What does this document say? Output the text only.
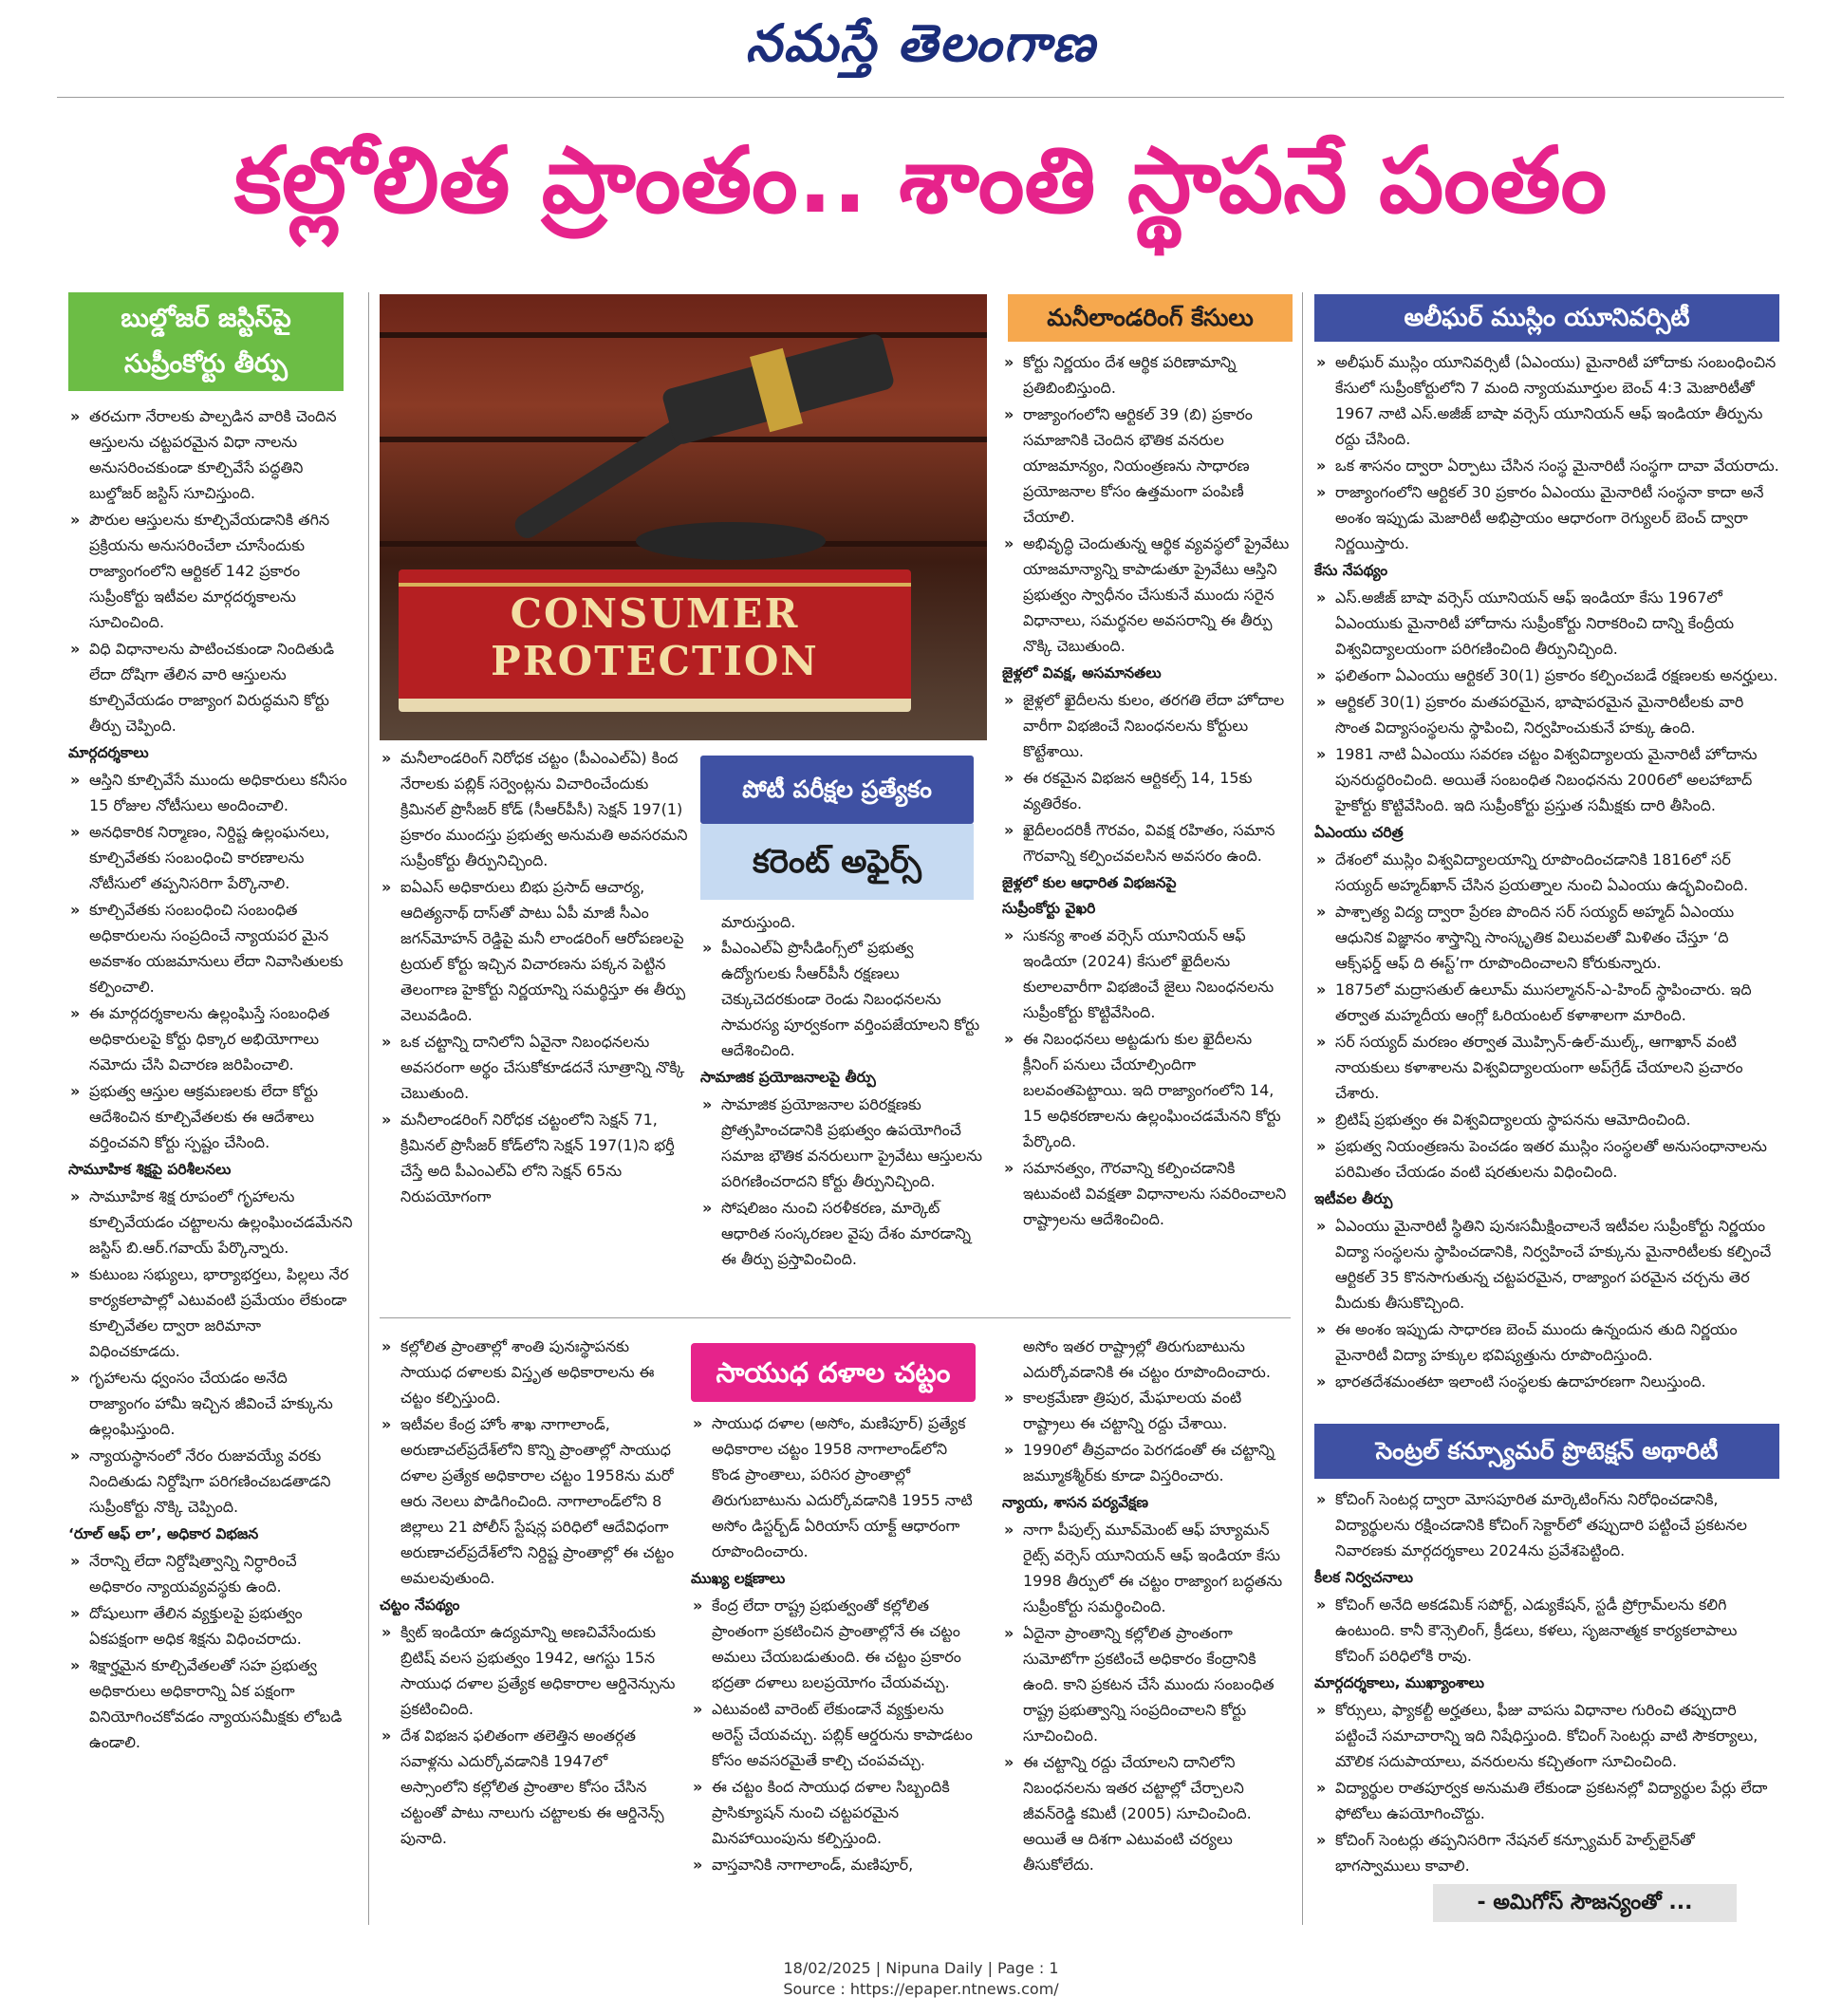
నమస్తే తెలంగాణ
కల్లోలిత ప్రాంతం.. శాంతి స్థాపనే పంతం
బుల్డోజర్ జస్టిస్‌పై
సుప్రీంకోర్టు తీర్పు
» తరచుగా నేరాలకు పాల్పడిన వారికి చెందిన ఆస్తులను చట్టపరమైన విధా నాలను అనుసరించకుండా కూల్చివేసే పద్ధతిని బుల్డోజర్ జస్టిస్ సూచిస్తుంది.
» పౌరుల ఆస్తులను కూల్చివేయడానికి తగిన ప్రక్రియను అనుసరించేలా చూసేందుకు రాజ్యాంగంలోని ఆర్టికల్ 142 ప్రకారం సుప్రీంకోర్టు ఇటీవల మార్గదర్శకాలను సూచించింది.
» విధి విధానాలను పాటించకుండా నిందితుడి లేదా దోషిగా తేలిన వారి ఆస్తులను కూల్చివేయడం రాజ్యాంగ విరుద్ధమని కోర్టు తీర్పు చెప్పింది.
మార్గదర్శకాలు
» ఆస్తిని కూల్చివేసే ముందు అధికారులు కనీసం 15 రోజుల నోటీసులు అందించాలి.
» అనధికారిక నిర్మాణం, నిర్దిష్ట ఉల్లంఘనలు, కూల్చివేతకు సంబంధించి కారణాలను నోటీసులో తప్పనిసరిగా పేర్కొనాలి.
» కూల్చివేతకు సంబంధించి సంబంధిత అధికారులను సంప్రదించే న్యాయపర మైన అవకాశం యజమానులు లేదా నివాసితులకు కల్పించాలి.
» ఈ మార్గదర్శకాలను ఉల్లంఘిస్తే సంబంధిత అధికారులపై కోర్టు ధిక్కార అభియోగాలు నమోదు చేసి విచారణ జరిపించాలి.
» ప్రభుత్వ ఆస్తుల ఆక్రమణలకు లేదా కోర్టు ఆదేశించిన కూల్చివేతలకు ఈ ఆదేశాలు వర్తించవని కోర్టు స్పష్టం చేసింది.
సామూహిక శిక్షపై పరిశీలనలు
» సామూహిక శిక్ష రూపంలో గృహాలను కూల్చివేయడం చట్టాలను ఉల్లంఘించడమేనని జస్టిస్ బి.ఆర్.గవాయ్ పేర్కొన్నారు.
» కుటుంబ సభ్యులు, భార్యాభర్తలు, పిల్లలు నేర కార్యకలాపాల్లో ఎటువంటి ప్రమేయం లేకుండా కూల్చివేతల ద్వారా జరిమానా విధించకూడదు.
» గృహాలను ధ్వంసం చేయడం అనేది రాజ్యాంగం హామీ ఇచ్చిన జీవించే హక్కును ఉల్లంఘిస్తుంది.
» న్యాయస్థానంలో నేరం రుజువయ్యే వరకు నిందితుడు నిర్దోషిగా పరిగణించబడతాడని సుప్రీంకోర్టు నొక్కి చెప్పింది.
‘రూల్ ఆఫ్ లా’, అధికార విభజన
» నేరాన్ని లేదా నిర్దోషిత్వాన్ని నిర్ధారించే అధికారం న్యాయవ్యవస్థకు ఉంది.
» దోషులుగా తేలిన వ్యక్తులపై ప్రభుత్వం ఏకపక్షంగా అధిక శిక్షను విధించరాదు.
» శిక్షార్హమైన కూల్చివేతలతో సహ ప్రభుత్వ అధికారులు అధికారాన్ని ఏక పక్షంగా వినియోగించకోవడం న్యాయసమీక్షకు లోబడి ఉండాలి.
CONSUMER
PROTECTION
» మనీలాండరింగ్ నిరోధక చట్టం (పీఎంఎల్ఏ) కింద నేరాలకు పబ్లిక్ సర్వెంట్లను విచారించేందుకు క్రిమినల్ ప్రొసీజర్ కోడ్ (సీఆర్‌పీసీ) సెక్షన్ 197(1) ప్రకారం ముందస్తు ప్రభుత్వ అనుమతి అవసరమని సుప్రీంకోర్టు తీర్పునిచ్చింది.
» ఐఏఎస్ అధికారులు బిభు ప్రసాద్ ఆచార్య, ఆదిత్యనాథ్ దాస్‌తో పాటు ఏపీ మాజీ సీఎం జగన్‌మోహన్ రెడ్డిపై మనీ లాండరింగ్ ఆరోపణలపై ట్రయల్ కోర్టు ఇచ్చిన విచారణను పక్కన పెట్టిన తెలంగాణ హైకోర్టు నిర్ణయాన్ని సమర్థిస్తూ ఈ తీర్పు వెలువడింది.
» ఒక చట్టాన్ని దానిలోని ఏవైనా నిబంధనలను అవసరంగా అర్థం చేసుకోకూడదనే సూత్రాన్ని నొక్కి చెబుతుంది.
» మనీలాండరింగ్ నిరోధక చట్టంలోని సెక్షన్ 71, క్రిమినల్ ప్రొసీజర్ కోడ్‌లోని సెక్షన్ 197(1)ని భర్తీ చేస్తే అది పీఎంఎల్ఏ లోని సెక్షన్ 65ను నిరుపయోగంగా
పోటీ పరీక్షల ప్రత్యేకం
కరెంట్ అఫైర్స్
మారుస్తుంది.
» పీఎంఎల్ఏ ప్రొసీడింగ్స్‌లో ప్రభుత్వ ఉద్యోగులకు సీఆర్‌పీసీ రక్షణలు చెక్కుచెదరకుండా రెండు నిబంధనలను సామరస్య పూర్వకంగా వర్తింపజేయాలని కోర్టు ఆదేశించింది.
సామాజిక ప్రయోజనాలపై తీర్పు
» సామాజిక ప్రయోజనాల పరిరక్షణకు ప్రోత్సహించడానికి ప్రభుత్వం ఉపయోగించే సమాజ భౌతిక వనరులుగా ప్రైవేటు ఆస్తులను పరిగణించరాదని కోర్టు తీర్పునిచ్చింది.
» సోషలిజం నుంచి సరళీకరణ, మార్కెట్ ఆధారిత సంస్కరణల వైపు దేశం మారడాన్ని ఈ తీర్పు ప్రస్తావించింది.
మనీలాండరింగ్ కేసులు
» కోర్టు నిర్ణయం దేశ ఆర్థిక పరిణామాన్ని ప్రతిబింబిస్తుంది.
» రాజ్యాంగంలోని ఆర్టికల్ 39 (బి) ప్రకారం సమాజానికి చెందిన భౌతిక వనరుల యాజమాన్యం, నియంత్రణను సాధారణ ప్రయోజనాల కోసం ఉత్తమంగా పంపిణీ చేయాలి.
» అభివృద్ధి చెందుతున్న ఆర్థిక వ్యవస్థలో ప్రైవేటు యాజమాన్యాన్ని కాపాడుతూ ప్రైవేటు ఆస్తిని ప్రభుత్వం స్వాధీనం చేసుకునే ముందు సరైన విధానాలు, సమర్థనల అవసరాన్ని ఈ తీర్పు నొక్కి చెబుతుంది.
జైళ్లలో వివక్ష, అసమానతలు
» జైళ్లలో ఖైదీలను కులం, తరగతి లేదా హోదాల వారీగా విభజించే నిబంధనలను కోర్టులు కొట్టేశాయి.
» ఈ రకమైన విభజన ఆర్టికల్స్ 14, 15కు వ్యతిరేకం.
» ఖైదీలందరికీ గౌరవం, వివక్ష రహితం, సమాన గౌరవాన్ని కల్పించవలసిన అవసరం ఉంది.
జైళ్లలో కుల ఆధారిత విభజనపై
సుప్రీంకోర్టు వైఖరి
» సుకన్య శాంత వర్సెస్ యూనియన్ ఆఫ్ ఇండియా (2024) కేసులో ఖైదీలను కులాలవారీగా విభజించే జైలు నిబంధనలను సుప్రీంకోర్టు కొట్టివేసింది.
» ఈ నిబంధనలు అట్టడుగు కుల ఖైదీలను క్లీనింగ్ పనులు చేయాల్సిందిగా బలవంతపెట్టాయి. ఇది రాజ్యాంగంలోని 14, 15 అధికరణాలను ఉల్లంఘించడమేనని కోర్టు పేర్కొంది.
» సమానత్వం, గౌరవాన్ని కల్పించడానికి ఇటువంటి వివక్షతా విధానాలను సవరించాలని రాష్ట్రాలను ఆదేశించింది.
అలీఘర్ ముస్లిం యూనివర్సిటీ
» అలీఘర్ ముస్లిం యూనివర్సిటీ (ఏఎంయు) మైనారిటీ హోదాకు సంబంధించిన కేసులో సుప్రీంకోర్టులోని 7 మంది న్యాయమూర్తుల బెంచ్ 4:3 మెజారిటీతో 1967 నాటి ఎస్.అజీజ్ బాషా వర్సెస్ యూనియన్ ఆఫ్ ఇండియా తీర్పును రద్దు చేసింది.
» ఒక శాసనం ద్వారా ఏర్పాటు చేసిన సంస్థ మైనారిటీ సంస్థగా దావా వేయరాదు.
» రాజ్యాంగంలోని ఆర్టికల్ 30 ప్రకారం ఏఎంయు మైనారిటీ సంస్థనా కాదా అనే అంశం ఇప్పుడు మెజారిటీ అభిప్రాయం ఆధారంగా రెగ్యులర్ బెంచ్ ద్వారా నిర్ణయిస్తారు.
కేసు నేపథ్యం
» ఎస్.అజీజ్ బాషా వర్సెస్ యూనియన్ ఆఫ్ ఇండియా కేసు 1967లో ఏఎంయుకు మైనారిటీ హోదాను సుప్రీంకోర్టు నిరాకరించి దాన్ని కేంద్రీయ విశ్వవిద్యాలయంగా పరిగణించింది తీర్పునిచ్చింది.
» ఫలితంగా ఏఎంయు ఆర్టికల్ 30(1) ప్రకారం కల్పించబడే రక్షణలకు అనర్హులు.
» ఆర్టికల్ 30(1) ప్రకారం మతపరమైన, భాషాపరమైన మైనారిటీలకు వారి సొంత విద్యాసంస్థలను స్థాపించి, నిర్వహించుకునే హక్కు ఉంది.
» 1981 నాటి ఏఎంయు సవరణ చట్టం విశ్వవిద్యాలయ మైనారిటీ హోదాను పునరుద్ధరించింది. అయితే సంబంధిత నిబంధనను 2006లో అలహాబాద్ హైకోర్టు కొట్టివేసింది. ఇది సుప్రీంకోర్టు ప్రస్తుత సమీక్షకు దారి తీసింది.
ఏఎంయు చరిత్ర
» దేశంలో ముస్లిం విశ్వవిద్యాలయాన్ని రూపొందించడానికి 1816లో సర్ సయ్యద్ అహ్మద్‌ఖాన్ చేసిన ప్రయత్నాల నుంచి ఏఎంయు ఉద్భవించింది.
» పాశ్చాత్య విద్య ద్వారా ప్రేరణ పొందిన సర్ సయ్యద్ అహ్మద్ ఏఎంయు ఆధునిక విజ్ఞానం శాస్త్రాన్ని సాంస్కృతిక విలువలతో మిళితం చేస్తూ ‘ది ఆక్స్‌ఫర్డ్ ఆఫ్ ది ఈస్ట్’గా రూపొందించాలని కోరుకున్నారు.
» 1875లో మద్రాసతుల్ ఉలూమ్ ముసల్మానన్-ఎ-హింద్ స్థాపించారు. ఇది తర్వాత మహ్మదీయ ఆంగ్లో ఓరియంటల్ కళాశాలగా మారింది.
» సర్ సయ్యద్ మరణం తర్వాత మొహ్సిన్-ఉల్-ముల్క్, ఆగాఖాన్ వంటి నాయకులు కళాశాలను విశ్వవిద్యాలయంగా అప్‌గ్రేడ్ చేయాలని ప్రచారం చేశారు.
» బ్రిటిష్ ప్రభుత్వం ఈ విశ్వవిద్యాలయ స్థాపనను ఆమోదించింది.
» ప్రభుత్వ నియంత్రణను పెంచడం ఇతర ముస్లిం సంస్థలతో అనుసంధానాలను పరిమితం చేయడం వంటి షరతులను విధించింది.
ఇటీవల తీర్పు
» ఏఎంయు మైనారిటీ స్థితిని పునఃసమీక్షించాలనే ఇటీవల సుప్రీంకోర్టు నిర్ణయం విద్యా సంస్థలను స్థాపించడానికి, నిర్వహించే హక్కును మైనారిటీలకు కల్పించే ఆర్టికల్ 35 కొనసాగుతున్న చట్టపరమైన, రాజ్యాంగ పరమైన చర్చను తెర మీదుకు తీసుకొచ్చింది.
» ఈ అంశం ఇప్పుడు సాధారణ బెంచ్ ముందు ఉన్నందున తుది నిర్ణయం మైనారిటీ విద్యా హక్కుల భవిష్యత్తును రూపొందిస్తుంది.
» భారతదేశమంతటా ఇలాంటి సంస్థలకు ఉదాహరణగా నిలుస్తుంది.
» కల్లోలిత ప్రాంతాల్లో శాంతి పునఃస్థాపనకు సాయుధ దళాలకు విస్తృత అధికారాలను ఈ చట్టం కల్పిస్తుంది.
» ఇటీవల కేంద్ర హోం శాఖ నాగాలాండ్, అరుణాచల్‌ప్రదేశ్‌లోని కొన్ని ప్రాంతాల్లో సాయుధ దళాల ప్రత్యేక అధికారాల చట్టం 1958ను మరో ఆరు నెలలు పొడిగించింది. నాగాలాండ్‌లోని 8 జిల్లాలు 21 పోలీస్ స్టేషన్ల పరిధిలో ఆదేవిధంగా అరుణాచల్‌ప్రదేశ్‌లోని నిర్దిష్ట ప్రాంతాల్లో ఈ చట్టం అమలవుతుంది.
చట్టం నేపథ్యం
» క్విట్ ఇండియా ఉద్యమాన్ని అణచివేసేందుకు బ్రిటిష్ వలస ప్రభుత్వం 1942, ఆగస్టు 15న సాయుధ దళాల ప్రత్యేక అధికారాల ఆర్డినెన్సును ప్రకటించింది.
» దేశ విభజన ఫలితంగా తలెత్తిన అంతర్గత సవాళ్లను ఎదుర్కోవడానికి 1947లో అస్సాంలోని కల్లోలిత ప్రాంతాల కోసం చేసిన చట్టంతో పాటు నాలుగు చట్టాలకు ఈ ఆర్డినెన్స్ పునాది.
సాయుధ దళాల చట్టం
» సాయుధ దళాల (అసోం, మణిపూర్) ప్రత్యేక అధికారాల చట్టం 1958 నాగాలాండ్‌లోని కొండ ప్రాంతాలు, పరిసర ప్రాంతాల్లో తిరుగుబాటును ఎదుర్కోవడానికి 1955 నాటి అసోం డిస్టర్బ్‌డ్ ఏరియాస్ యాక్ట్ ఆధారంగా రూపొందించారు.
ముఖ్య లక్షణాలు
» కేంద్ర లేదా రాష్ట్ర ప్రభుత్వంతో కల్లోలిత ప్రాంతంగా ప్రకటించిన ప్రాంతాల్లోనే ఈ చట్టం అమలు చేయబడుతుంది. ఈ చట్టం ప్రకారం భద్రతా దళాలు బలప్రయోగం చేయవచ్చు.
» ఎటువంటి వారెంట్ లేకుండానే వ్యక్తులను అరెస్ట్ చేయవచ్చు. పబ్లిక్ ఆర్డరును కాపాడటం కోసం అవసరమైతే కాల్చి చంపవచ్చు.
» ఈ చట్టం కింద సాయుధ దళాల సిబ్బందికి ప్రాసిక్యూషన్ నుంచి చట్టపరమైన మినహాయింపును కల్పిస్తుంది.
» వాస్తవానికి నాగాలాండ్, మణిపూర్,
అసోం ఇతర రాష్ట్రాల్లో తిరుగుబాటును ఎదుర్కోవడానికి ఈ చట్టం రూపొందించారు.
» కాలక్రమేణా త్రిపుర, మేఘాలయ వంటి రాష్ట్రాలు ఈ చట్టాన్ని రద్దు చేశాయి.
» 1990లో తీవ్రవాదం పెరగడంతో ఈ చట్టాన్ని జమ్మూకశ్మీర్‌కు కూడా విస్తరించారు.
న్యాయ, శాసన పర్యవేక్షణ
» నాగా పీపుల్స్ మూవ్‌మెంట్ ఆఫ్ హ్యూమన్ రైట్స్ వర్సెస్ యూనియన్ ఆఫ్ ఇండియా కేసు 1998 తీర్పులో ఈ చట్టం రాజ్యాంగ బద్ధతను సుప్రీంకోర్టు సమర్థించింది.
» ఏదైనా ప్రాంతాన్ని కల్లోలిత ప్రాంతంగా సుమోటోగా ప్రకటించే అధికారం కేంద్రానికి ఉంది. కాని ప్రకటన చేసే ముందు సంబంధిత రాష్ట్ర ప్రభుత్వాన్ని సంప్రదించాలని కోర్టు సూచించింది.
» ఈ చట్టాన్ని రద్దు చేయాలని దానిలోని నిబంధనలను ఇతర చట్టాల్లో చేర్చాలని జీవన్‌రెడ్డి కమిటీ (2005) సూచించింది. అయితే ఆ దిశగా ఎటువంటి చర్యలు తీసుకోలేదు.
సెంట్రల్ కన్స్యూమర్ ప్రొటెక్షన్ అథారిటీ
» కోచింగ్ సెంటర్ల ద్వారా మోసపూరిత మార్కెటింగ్‌ను నిరోధించడానికి, విద్యార్థులను రక్షించడానికి కోచింగ్ సెక్టార్‌లో తప్పుదారి పట్టించే ప్రకటనల నివారణకు మార్గదర్శకాలు 2024ను ప్రవేశపెట్టింది.
కీలక నిర్వచనాలు
» కోచింగ్ అనేది అకడమిక్ సపోర్ట్, ఎడ్యుకేషన్, స్టడీ ప్రోగ్రామ్‌లను కలిగి ఉంటుంది. కానీ కౌన్సెలింగ్, క్రీడలు, కళలు, సృజనాత్మక కార్యకలాపాలు కోచింగ్ పరిధిలోకి రావు.
మార్గదర్శకాలు, ముఖ్యాంశాలు
» కోర్సులు, ఫ్యాకల్టీ అర్హతలు, ఫీజు వాపసు విధానాల గురించి తప్పుదారి పట్టించే సమాచారాన్ని ఇది నిషేధిస్తుంది. కోచింగ్ సెంటర్లు వాటి సౌకర్యాలు, మౌలిక సదుపాయాలు, వనరులను కచ్చితంగా సూచించింది.
» విద్యార్థుల రాతపూర్వక అనుమతి లేకుండా ప్రకటనల్లో విద్యార్థుల పేర్లు లేదా ఫోటోలు ఉపయోగించొద్దు.
» కోచింగ్ సెంటర్లు తప్పనిసరిగా నేషనల్ కన్స్యూమర్ హెల్ప్‌లైన్‌తో భాగస్వాములు కావాలి.
- అమిగోస్ సౌజన్యంతో ...
18/02/2025 | Nipuna Daily | Page : 1
Source : https://epaper.ntnews.com/
